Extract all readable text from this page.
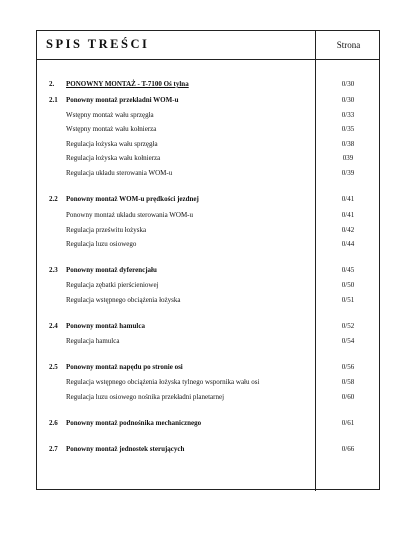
SPIS TREŚCI	Strona
2. PONOWNY MONTAŻ - T-7100 Oś tylna	0/30
2.1 Ponowny montaż przekładni WOM-u	0/30
Wstępny montaż wału sprzęgła	0/33
Wstępny montaż wału kołnierza	0/35
Regulacja łożyska wału sprzęgła	0/38
Regulacja łożyska wału kołnierza	039
Regulacja układu sterowania WOM-u	0/39
2.2 Ponowny montaż WOM-u prędkości jezdnej	0/41
Ponowny montaż układu sterowania WOM-u	0/41
Regulacja prześwitu łożyska	0/42
Regulacja luzu osiowego	0/44
2.3 Ponowny montaż dyferencjału	0/45
Regulacja zębatki pierścieniowej	0/50
Regulacja wstępnego obciążenia łożyska	0/51
2.4 Ponowny montaż hamulca	0/52
Regulacja hamulca	0/54
2.5 Ponowny montaż napędu po stronie osi	0/56
Regulacja wstępnego obciążenia łożyska tylnego wspornika wału osi	0/58
Regulacja luzu osiowego nośnika przekładni planetarnej	0/60
2.6 Ponowny montaż podnośnika mechanicznego	0/61
2.7 Ponowny montaż jednostek sterujących	0/66
